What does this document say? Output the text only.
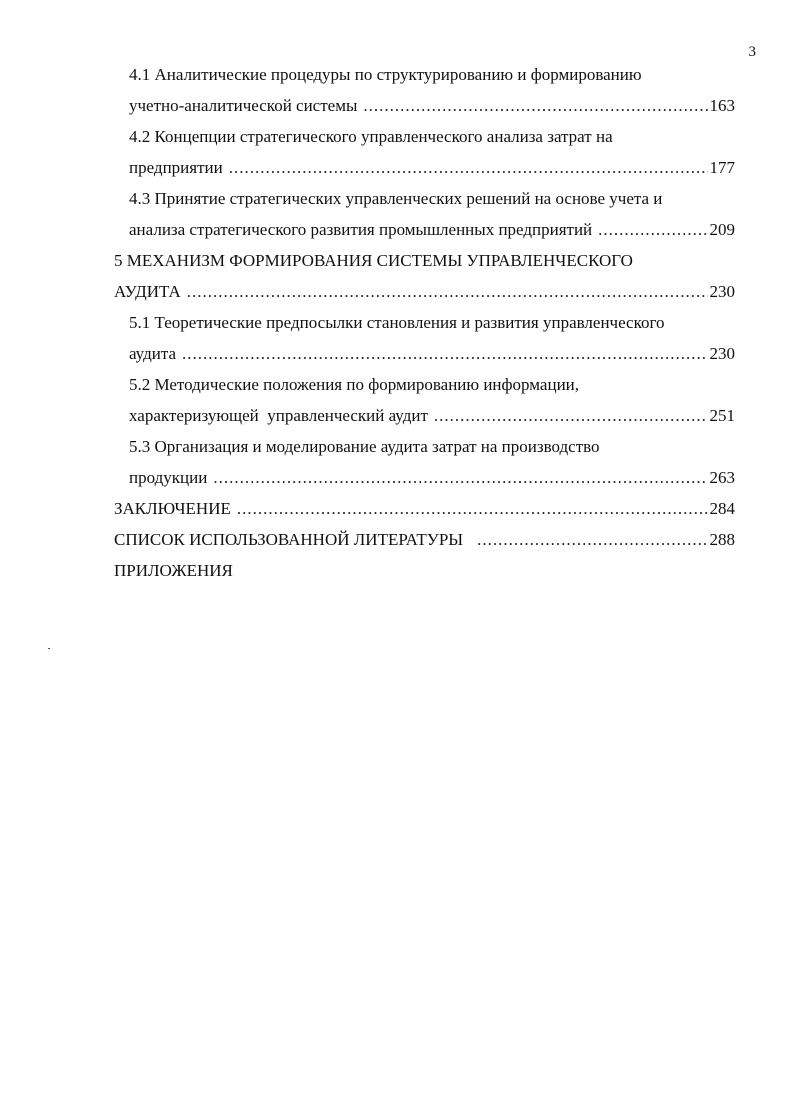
3
4.1 Аналитические процедуры по структурированию и формированию
учетно-аналитической системы .....	163
4.2 Концепции стратегического управленческого анализа затрат на
предприятии .....	177
4.3 Принятие стратегических управленческих решений на основе учета и
анализа стратегического развития промышленных предприятий .....	209
5 МЕХАНИЗМ ФОРМИРОВАНИЯ СИСТЕМЫ УПРАВЛЕНЧЕСКОГО
АУДИТА .....	230
5.1 Теоретические предпосылки становления и развития управленческого
аудита .....	230
5.2 Методические положения по формированию информации,
характеризующей  управленческий аудит .....	251
5.3 Организация и моделирование аудита затрат на производство
продукции .....	263
ЗАКЛЮЧЕНИЕ .....	284
СПИСОК ИСПОЛЬЗОВАННОЙ ЛИТЕРАТУРЫ .....	288
ПРИЛОЖЕНИЯ
